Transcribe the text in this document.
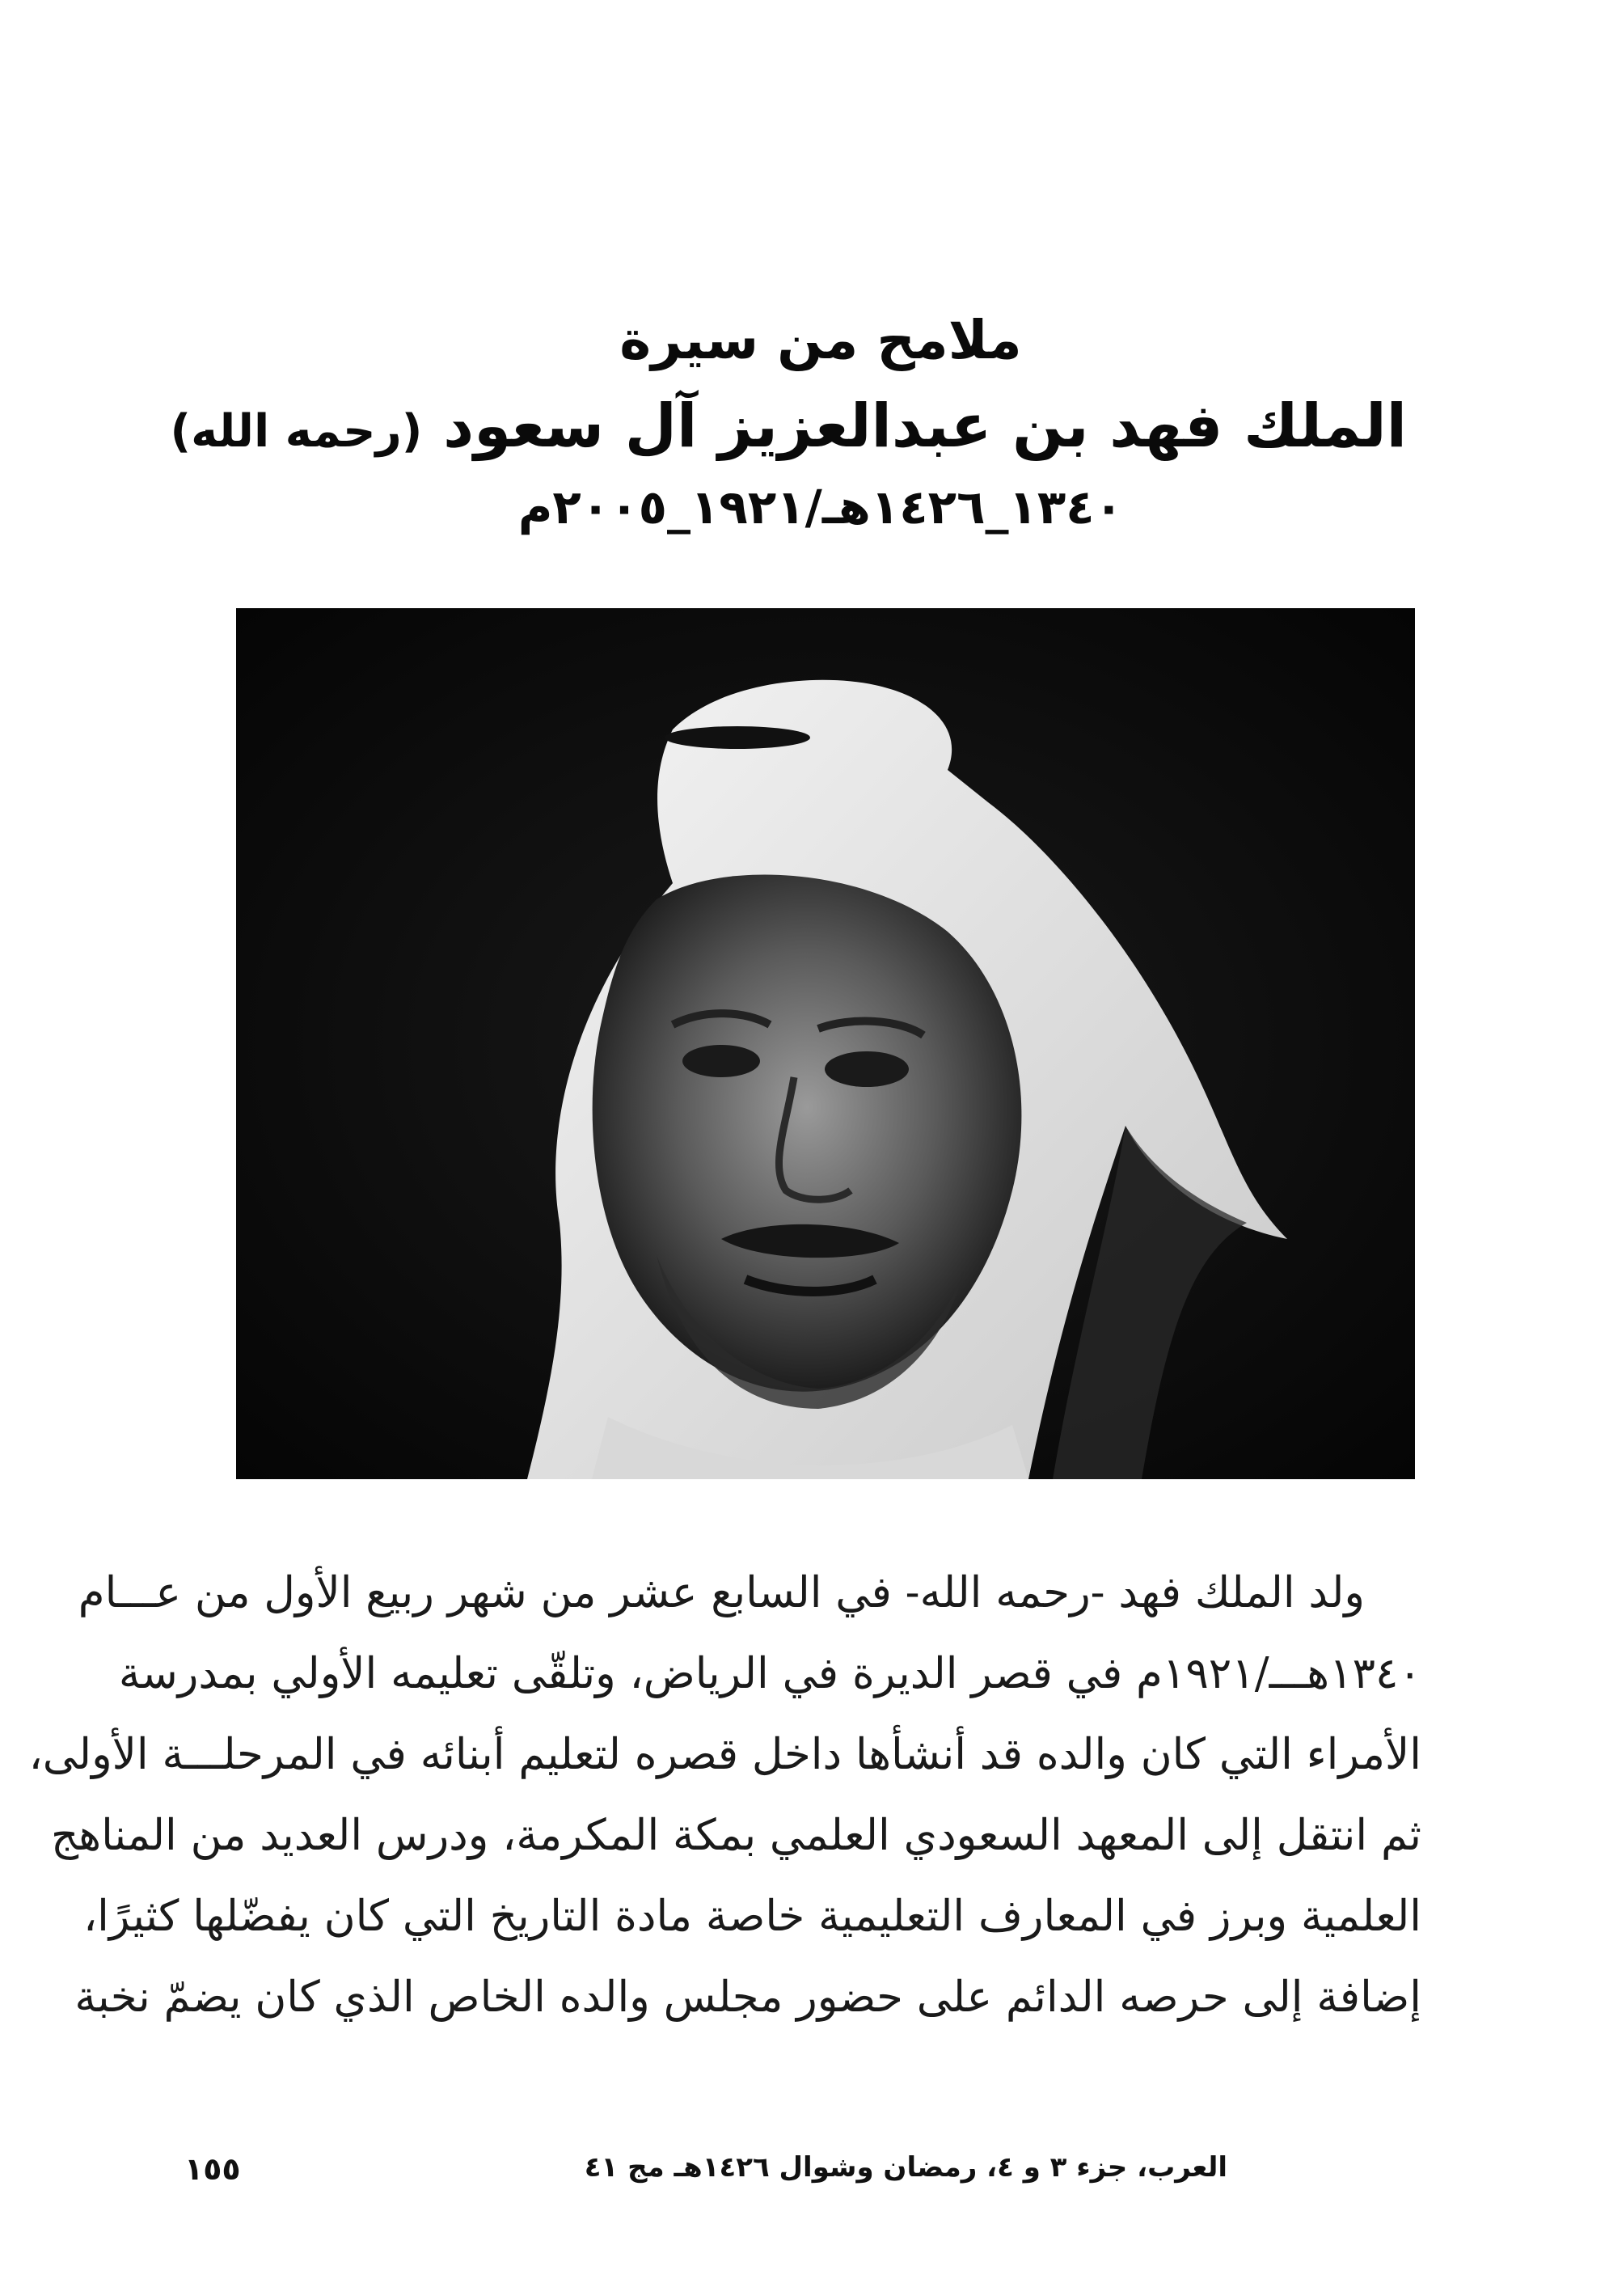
ملامح من سيرة
الملك فهد بن عبدالعزيز آل سعود (رحمه الله)
١٣٤٠_١٤٢٦هـ/١٩٢١_٢٠٠٥م
ولد الملك فهد -رحمه الله- في السابع عشر من شهر ربيع الأول من عـــام
١٣٤٠هـــ/١٩٢١م في قصر الديرة في الرياض، وتلقّى تعليمه الأولي بمدرسة
الأمراء التي كان والده قد أنشأها داخل قصره لتعليم أبنائه في المرحلـــة الأولى،
ثم انتقل إلى المعهد السعودي العلمي بمكة المكرمة، ودرس العديد من المناهج
العلمية وبرز في المعارف التعليمية خاصة مادة التاريخ التي كان يفضّلها كثيرًا،
إضافة إلى حرصه الدائم على حضور مجلس والده الخاص الذي كان يضمّ نخبة
العرب، جزء ٣ و ٤، رمضان وشوال ١٤٢٦هـ مج ٤١
١٥٥
